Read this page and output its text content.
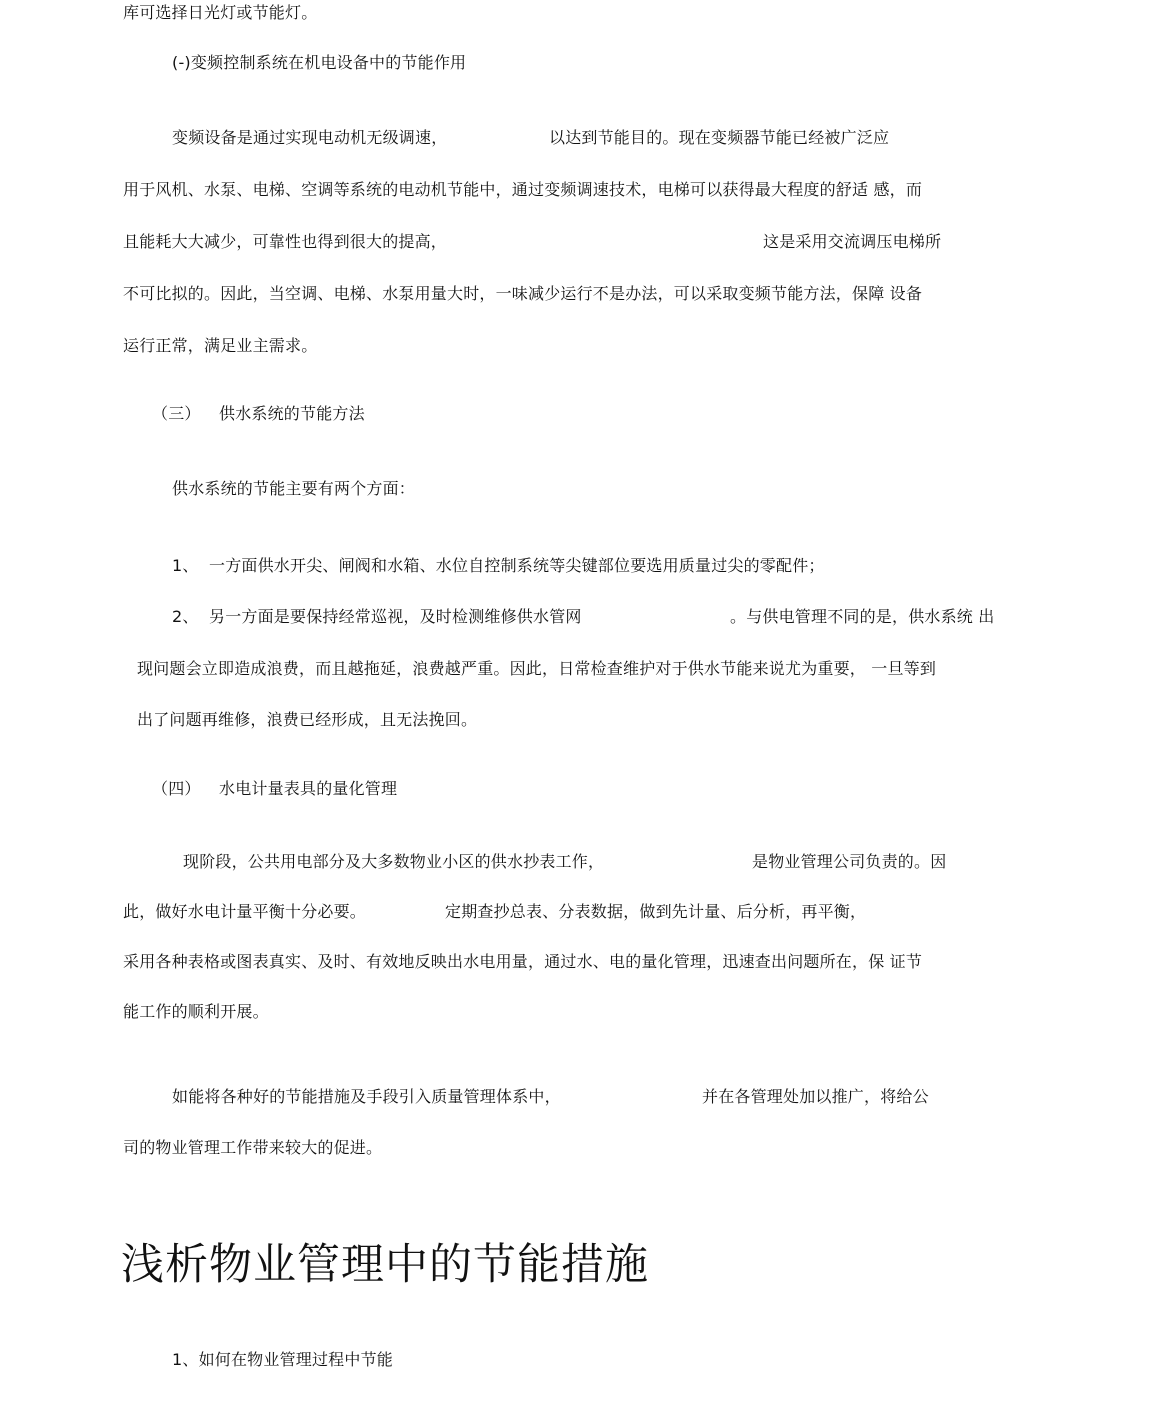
库可选择日光灯或节能灯。

(-)变频控制系统在机电设备中的节能作用

变频设备是通过实现电动机无级调速，	以达到节能目的。现在变频器节能已经被广泛应

用于风机、水泵、电梯、空调等系统的电动机节能中，通过变频调速技术，电梯可以获得最大程度的舒适 感，而

且能耗大大减少，可靠性也得到很大的提高，	这是采用交流调压电梯所

不可比拟的。因此，当空调、电梯、水泵用量大时，一味减少运行不是办法，可以采取变频节能方法，保障 设备

运行正常，满足业主需求。

（三） 供水系统的节能方法

供水系统的节能主要有两个方面：

1、 一方面供水开尖、闸阀和水箱、水位自控制系统等尖键部位要选用质量过尖的零配件；

2、 另一方面是要保持经常巡视，及时检测维修供水管网	。与供电管理不同的是，供水系统 出

现问题会立即造成浪费，而且越拖延，浪费越严重。因此，日常检查维护对于供水节能来说尤为重要， 一旦等到

出了问题再维修，浪费已经形成，且无法挽回。

（四） 水电计量表具的量化管理

现阶段，公共用电部分及大多数物业小区的供水抄表工作，	是物业管理公司负责的。因

此，做好水电计量平衡十分必要。	定期查抄总表、分表数据，做到先计量、后分析，再平衡，

采用各种表格或图表真实、及时、有效地反映出水电用量，通过水、电的量化管理，迅速查出问题所在，保 证节

能工作的顺利开展。

如能将各种好的节能措施及手段引入质量管理体系中，	并在各管理处加以推广，将给公

司的物业管理工作带来较大的促进。

浅析物业管理中的节能措施

1、如何在物业管理过程中节能
